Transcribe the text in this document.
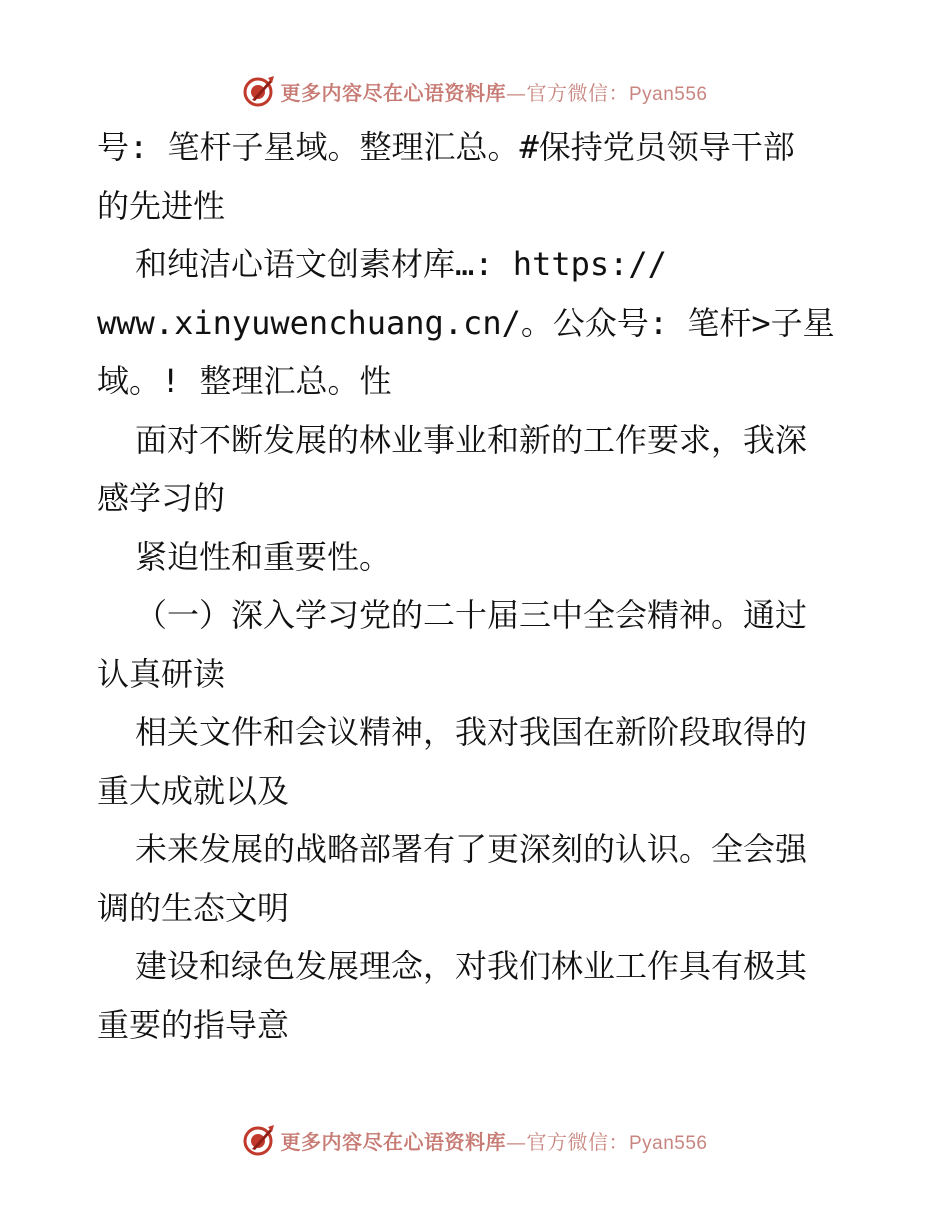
更多内容尽在心语资料库—官方微信：Pyan556
号: 笔杆子星域。整理汇总。#保持党员领导干部
的先进性
和纯洁心语文创素材库…: https://
www.xinyuwenchuang.cn/。公众号: 笔杆>子星
域。! 整理汇总。性
面对不断发展的林业事业和新的工作要求，我深
感学习的
紧迫性和重要性。
（一）深入学习党的二十届三中全会精神。通过
认真研读
相关文件和会议精神，我对我国在新阶段取得的
重大成就以及
未来发展的战略部署有了更深刻的认识。全会强
调的生态文明
建设和绿色发展理念，对我们林业工作具有极其
重要的指导意
更多内容尽在心语资料库—官方微信：Pyan556
